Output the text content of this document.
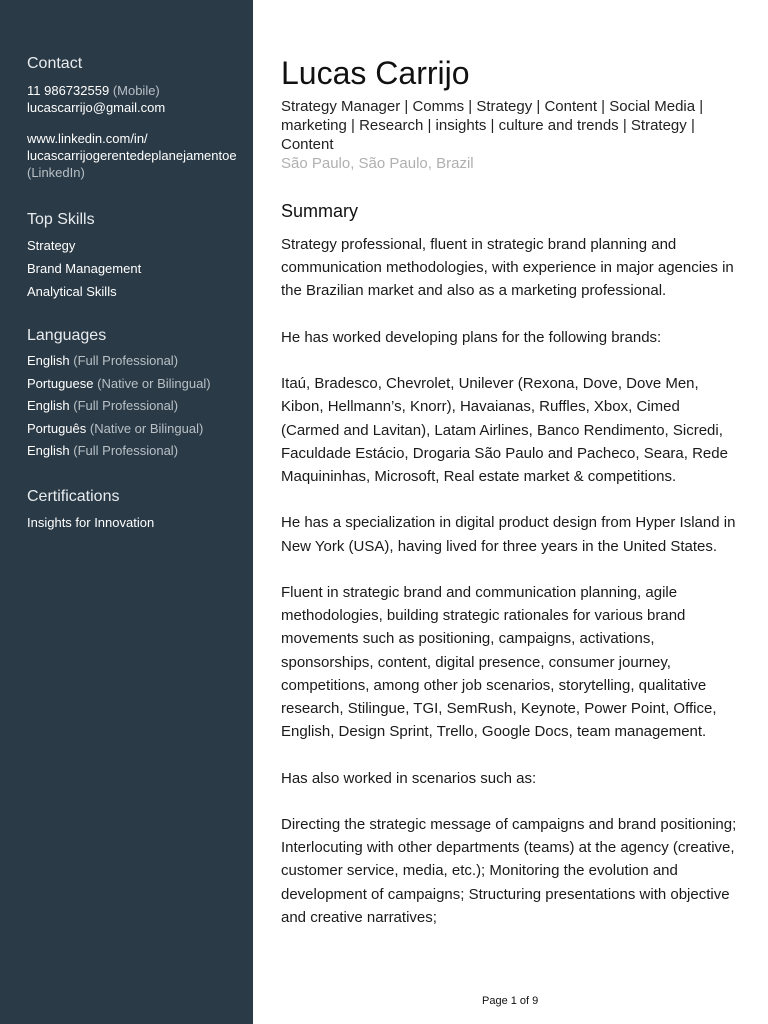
Contact
11 986732559 (Mobile)
lucascarrijo@gmail.com
www.linkedin.com/in/
lucascarrijogerentedeplanejamentoe
(LinkedIn)
Top Skills
Strategy
Brand Management
Analytical Skills
Languages
English (Full Professional)
Portuguese (Native or Bilingual)
English (Full Professional)
Português (Native or Bilingual)
English (Full Professional)
Certifications
Insights for Innovation
Lucas Carrijo
Strategy Manager | Comms | Strategy | Content | Social Media | marketing | Research | insights | culture and trends | Strategy | Content
São Paulo, São Paulo, Brazil
Summary

Strategy professional, fluent in strategic brand planning and communication methodologies, with experience in major agencies in the Brazilian market and also as a marketing professional.

He has worked developing plans for the following brands:

Itaú, Bradesco, Chevrolet, Unilever (Rexona, Dove, Dove Men, Kibon, Hellmann’s, Knorr), Havaianas, Ruffles, Xbox, Cimed (Carmed and Lavitan), Latam Airlines, Banco Rendimento, Sicredi, Faculdade Estácio, Drogaria São Paulo and Pacheco, Seara, Rede Maquininhas, Microsoft, Real estate market & competitions.

He has a specialization in digital product design from Hyper Island in New York (USA), having lived for three years in the United States.

Fluent in strategic brand and communication planning, agile methodologies, building strategic rationales for various brand movements such as positioning, campaigns, activations, sponsorships, content, digital presence, consumer journey, competitions, among other job scenarios, storytelling, qualitative research, Stilingue, TGI, SemRush, Keynote, Power Point, Office, English, Design Sprint, Trello, Google Docs, team management.

Has also worked in scenarios such as:

Directing the strategic message of campaigns and brand positioning; Interlocuting with other departments (teams) at the agency (creative, customer service, media, etc.); Monitoring the evolution and development of campaigns; Structuring presentations with objective and creative narratives;

Page 1 of 9
